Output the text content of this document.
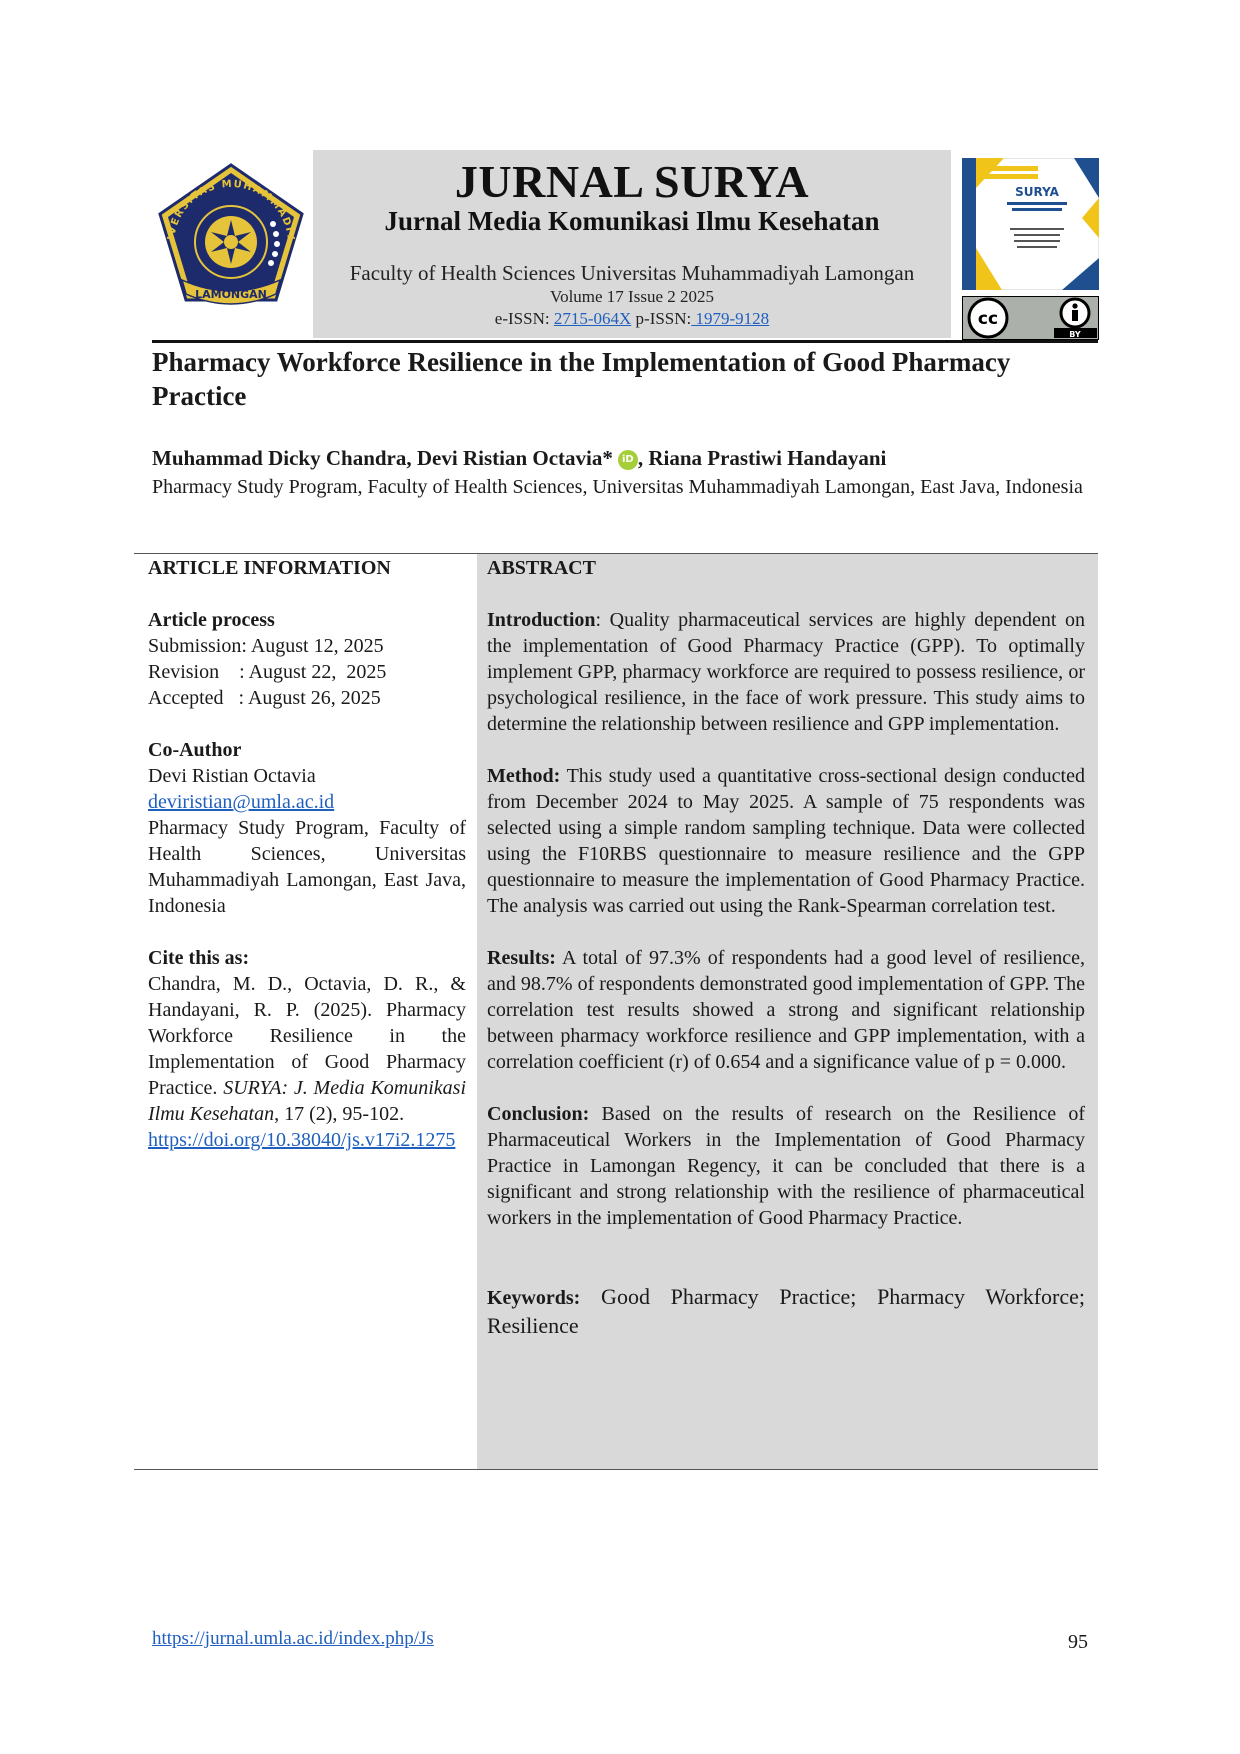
IVERSITAS MUHAMMADIY
LAMONGAN
JURNAL SURYA
Jurnal Media Komunikasi Ilmu Kesehatan
Faculty of Health Sciences Universitas Muhammadiyah Lamongan
Volume 17 Issue 2 2025
e-ISSN: 2715-064X p-ISSN: 1979-9128
SURYA
cc
BY
Pharmacy Workforce Resilience in the Implementation of Good Pharmacy Practice
Muhammad Dicky Chandra, Devi Ristian Octavia* iD , Riana Prastiwi Handayani
Pharmacy Study Program, Faculty of Health Sciences, Universitas Muhammadiyah Lamongan, East Java, Indonesia
ARTICLE INFORMATION
Article process
Submission: August 12, 2025
Revision    : August 22,  2025
Accepted   : August 26, 2025
Co-Author
Devi Ristian Octavia
deviristian@umla.ac.id
Pharmacy Study Program, Faculty of Health Sciences, Universitas Muhammadiyah Lamongan, East Java, Indonesia
Cite this as:
Chandra, M. D., Octavia, D. R., & Handayani, R. P. (2025). Pharmacy Workforce Resilience in the Implementation of Good Pharmacy Practice. SURYA: J. Media Komunikasi Ilmu Kesehatan, 17 (2), 95-102.
https://doi.org/10.38040/js.v17i2.1275
ABSTRACT

Introduction: Quality pharmaceutical services are highly dependent on the implementation of Good Pharmacy Practice (GPP). To optimally implement GPP, pharmacy workforce are required to possess resilience, or psychological resilience, in the face of work pressure. This study aims to determine the relationship between resilience and GPP implementation.

Method: This study used a quantitative cross-sectional design conducted from December 2024 to May 2025. A sample of 75 respondents was selected using a simple random sampling technique. Data were collected using the F10RBS questionnaire to measure resilience and the GPP questionnaire to measure the implementation of Good Pharmacy Practice. The analysis was carried out using the Rank-Spearman correlation test.

Results: A total of 97.3% of respondents had a good level of resilience, and 98.7% of respondents demonstrated good implementation of GPP. The correlation test results showed a strong and significant relationship between pharmacy workforce resilience and GPP implementation, with a correlation coefficient (r) of 0.654 and a significance value of p = 0.000.

Conclusion: Based on the results of research on the Resilience of Pharmaceutical Workers in the Implementation of Good Pharmacy Practice in Lamongan Regency, it can be concluded that there is a significant and strong relationship with the resilience of pharmaceutical workers in the implementation of Good Pharmacy Practice.

Keywords: Good Pharmacy Practice; Pharmacy Workforce; Resilience

https://jurnal.umla.ac.id/index.php/Js	95
